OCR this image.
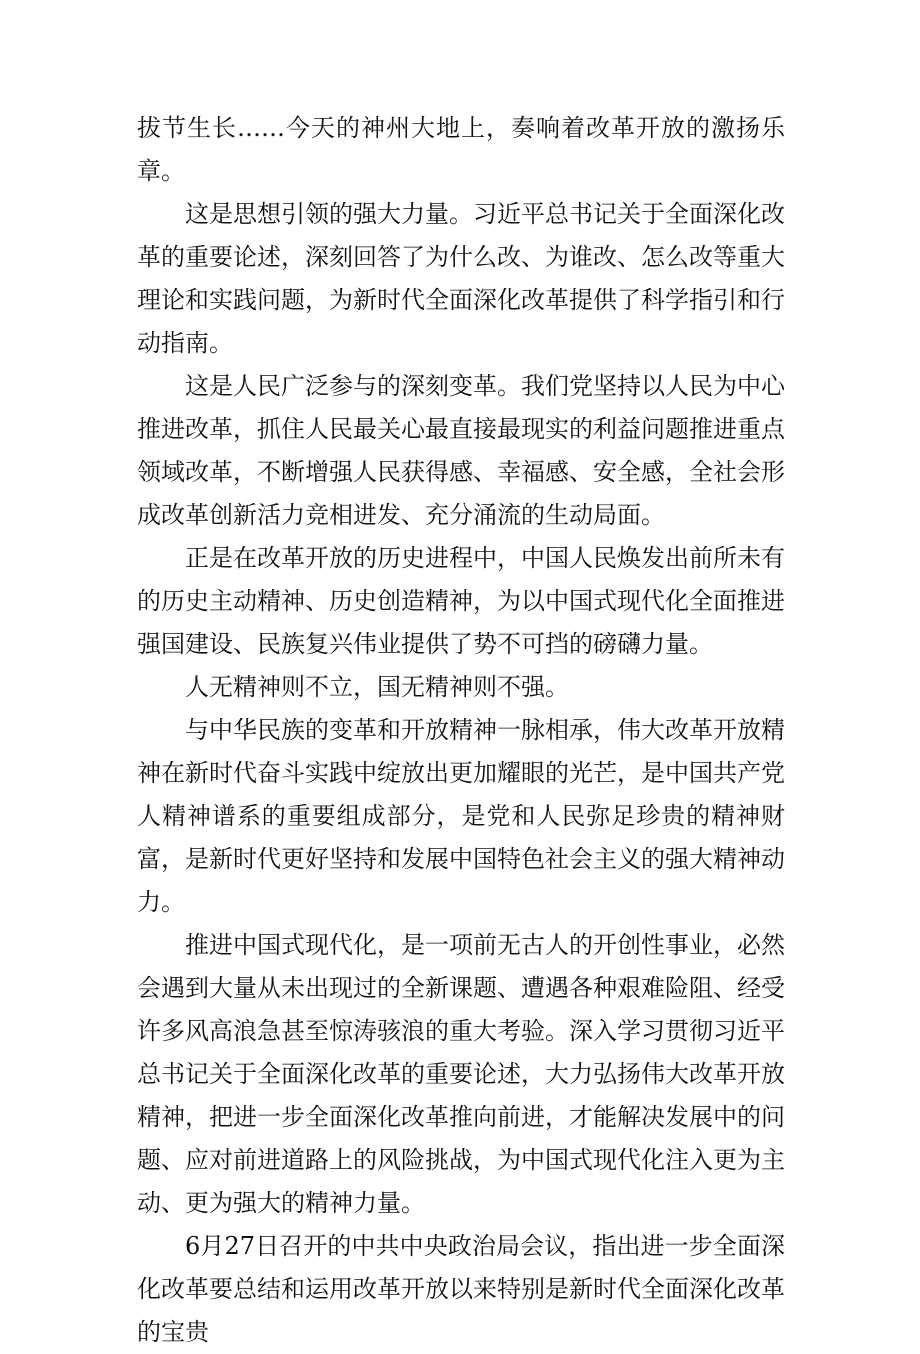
拔节生长……今天的神州大地上，奏响着改革开放的激扬乐章。

这是思想引领的强大力量。习近平总书记关于全面深化改革的重要论述，深刻回答了为什么改、为谁改、怎么改等重大理论和实践问题，为新时代全面深化改革提供了科学指引和行动指南。

这是人民广泛参与的深刻变革。我们党坚持以人民为中心推进改革，抓住人民最关心最直接最现实的利益问题推进重点领域改革，不断增强人民获得感、幸福感、安全感，全社会形成改革创新活力竞相进发、充分涌流的生动局面。

正是在改革开放的历史进程中，中国人民焕发出前所未有的历史主动精神、历史创造精神，为以中国式现代化全面推进强国建设、民族复兴伟业提供了势不可挡的磅礴力量。

人无精神则不立，国无精神则不强。

与中华民族的变革和开放精神一脉相承，伟大改革开放精神在新时代奋斗实践中绽放出更加耀眼的光芒，是中国共产党人精神谱系的重要组成部分，是党和人民弥足珍贵的精神财富，是新时代更好坚持和发展中国特色社会主义的强大精神动力。

推进中国式现代化，是一项前无古人的开创性事业，必然会遇到大量从未出现过的全新课题、遭遇各种艰难险阻、经受许多风高浪急甚至惊涛骇浪的重大考验。深入学习贯彻习近平总书记关于全面深化改革的重要论述，大力弘扬伟大改革开放精神，把进一步全面深化改革推向前进，才能解决发展中的问题、应对前进道路上的风险挑战，为中国式现代化注入更为主动、更为强大的精神力量。

6月27日召开的中共中央政治局会议，指出进一步全面深化改革要总结和运用改革开放以来特别是新时代全面深化改革的宝贵
